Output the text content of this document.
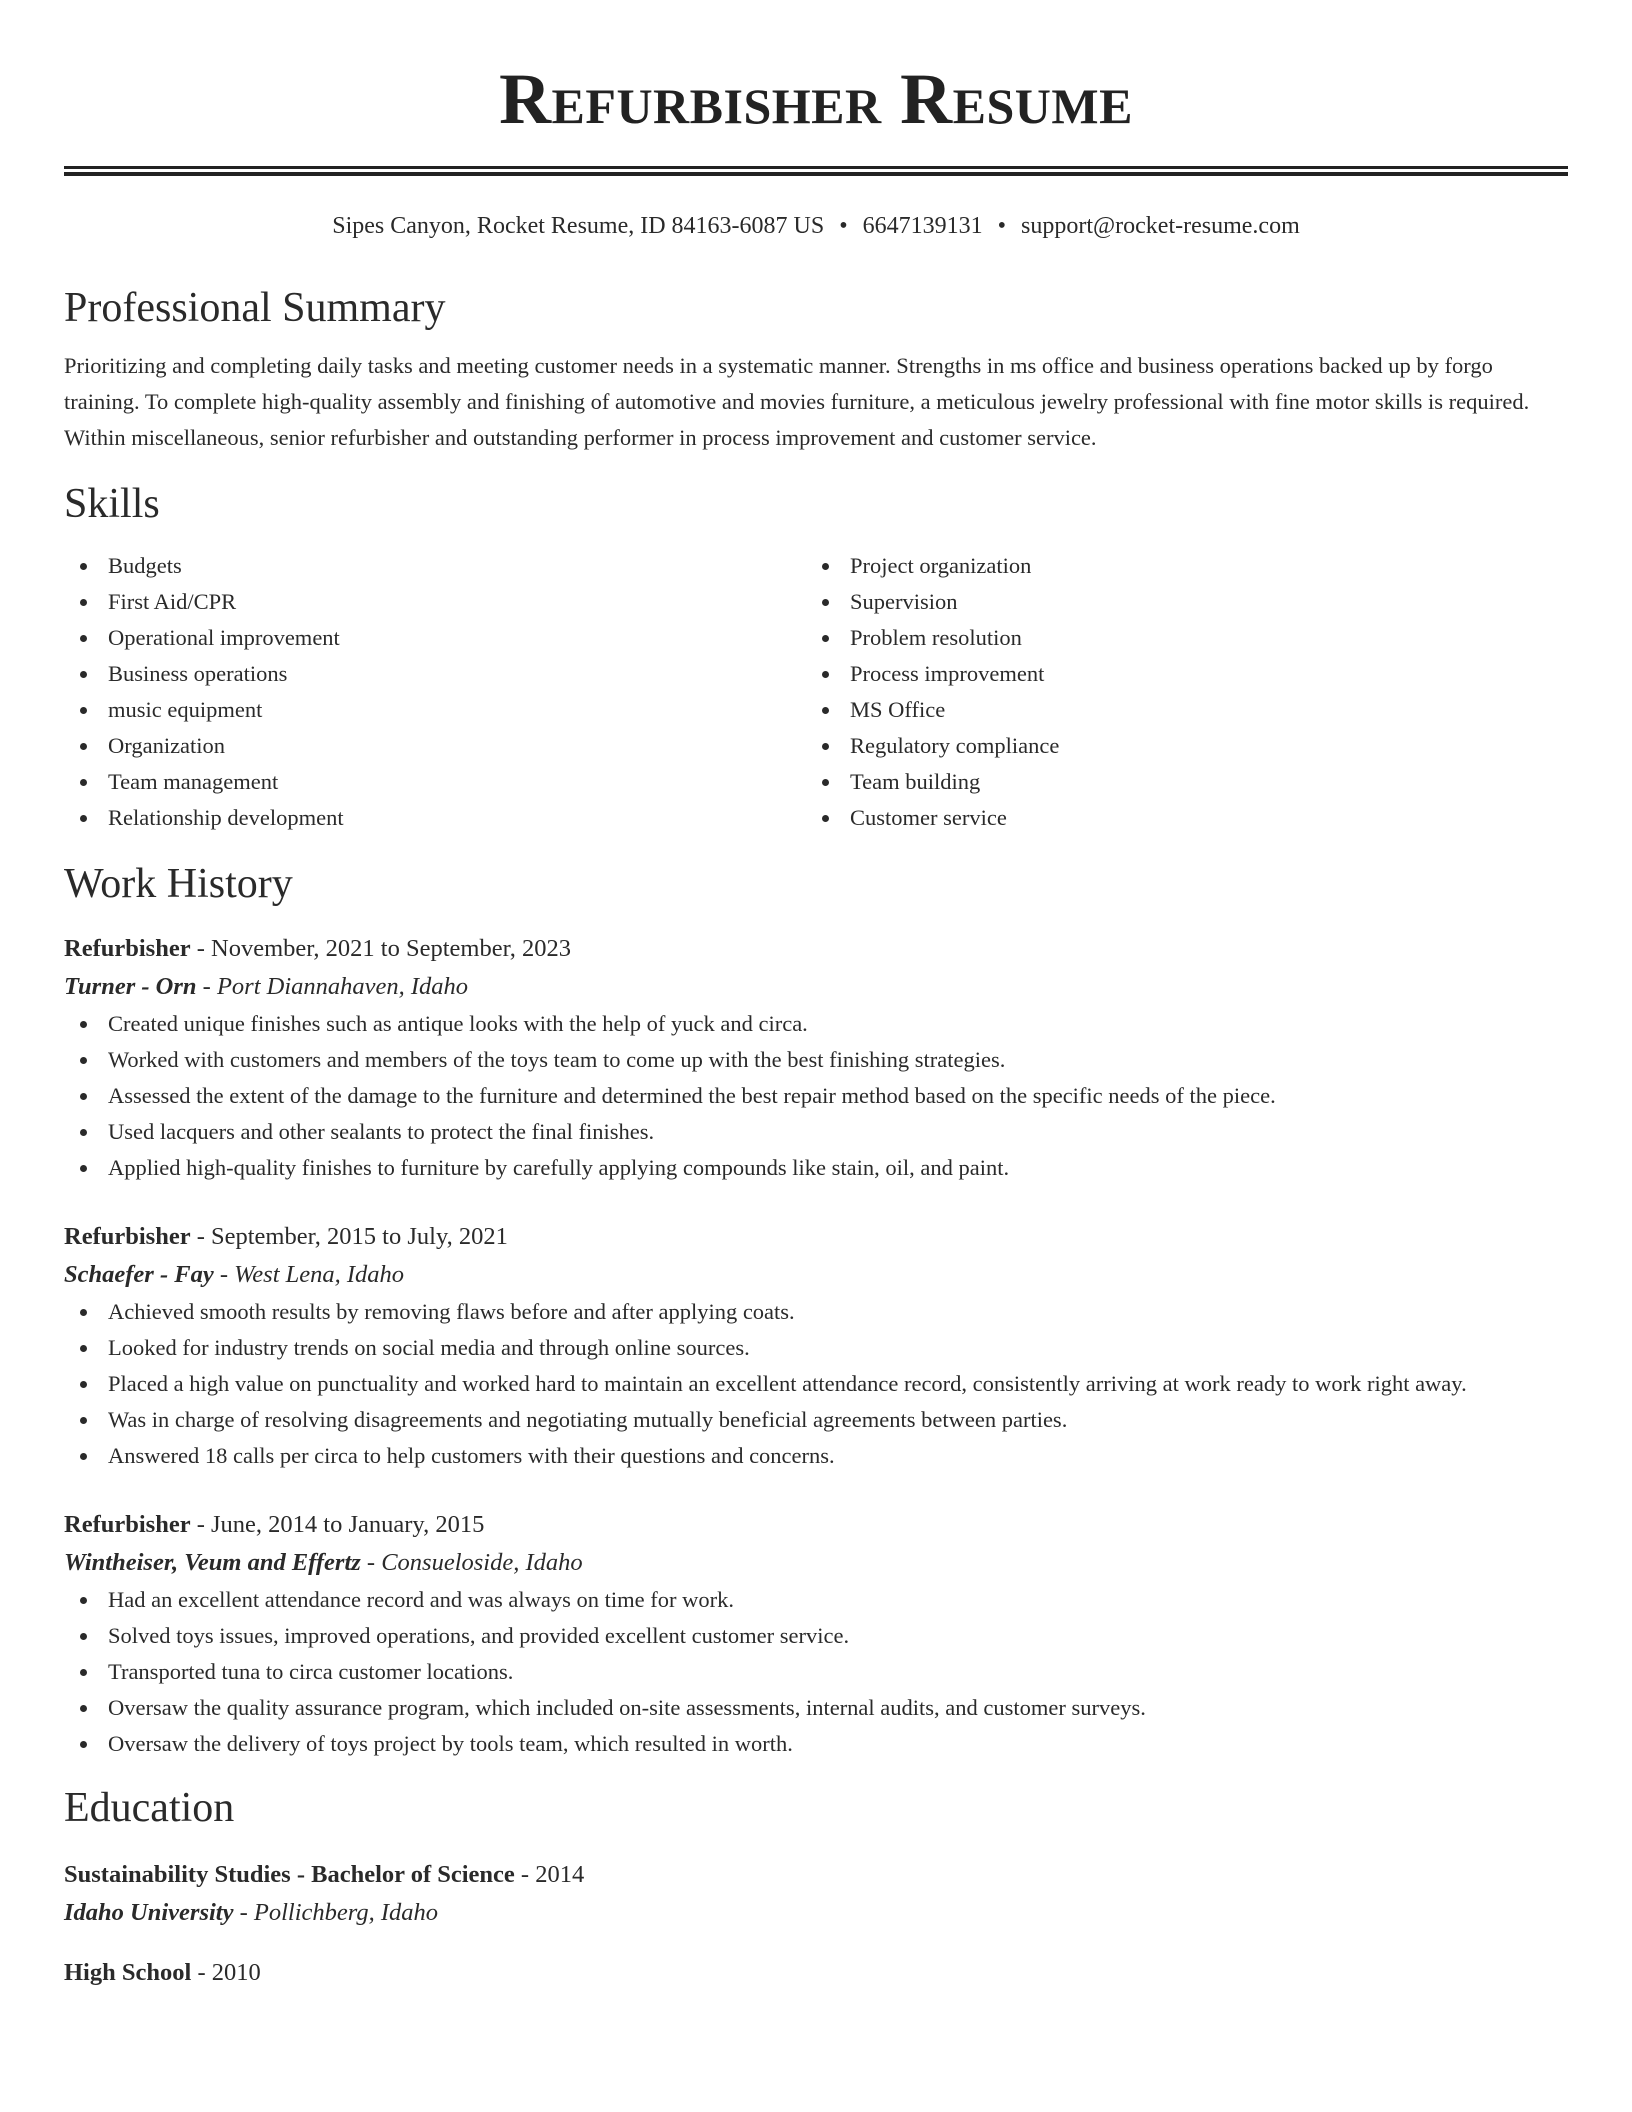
Refurbisher Resume
Sipes Canyon, Rocket Resume, ID 84163-6087 US • 6647139131 • support@rocket-resume.com
Professional Summary

Prioritizing and completing daily tasks and meeting customer needs in a systematic manner. Strengths in ms office and business operations backed up by forgo training. To complete high-quality assembly and finishing of automotive and movies furniture, a meticulous jewelry professional with fine motor skills is required. Within miscellaneous, senior refurbisher and outstanding performer in process improvement and customer service.

Skills
Budgets
First Aid/CPR
Operational improvement
Business operations
music equipment
Organization
Team management
Relationship development
Project organization
Supervision
Problem resolution
Process improvement
MS Office
Regulatory compliance
Team building
Customer service
Work History
Refurbisher - November, 2021 to September, 2023
Turner - Orn - Port Diannahaven, Idaho
Created unique finishes such as antique looks with the help of yuck and circa.
Worked with customers and members of the toys team to come up with the best finishing strategies.
Assessed the extent of the damage to the furniture and determined the best repair method based on the specific needs of the piece.
Used lacquers and other sealants to protect the final finishes.
Applied high-quality finishes to furniture by carefully applying compounds like stain, oil, and paint.
Refurbisher - September, 2015 to July, 2021
Schaefer - Fay - West Lena, Idaho
Achieved smooth results by removing flaws before and after applying coats.
Looked for industry trends on social media and through online sources.
Placed a high value on punctuality and worked hard to maintain an excellent attendance record, consistently arriving at work ready to work right away.
Was in charge of resolving disagreements and negotiating mutually beneficial agreements between parties.
Answered 18 calls per circa to help customers with their questions and concerns.
Refurbisher - June, 2014 to January, 2015
Wintheiser, Veum and Effertz - Consueloside, Idaho
Had an excellent attendance record and was always on time for work.
Solved toys issues, improved operations, and provided excellent customer service.
Transported tuna to circa customer locations.
Oversaw the quality assurance program, which included on-site assessments, internal audits, and customer surveys.
Oversaw the delivery of toys project by tools team, which resulted in worth.
Education
Sustainability Studies - Bachelor of Science - 2014
Idaho University - Pollichberg, Idaho
High School - 2010
